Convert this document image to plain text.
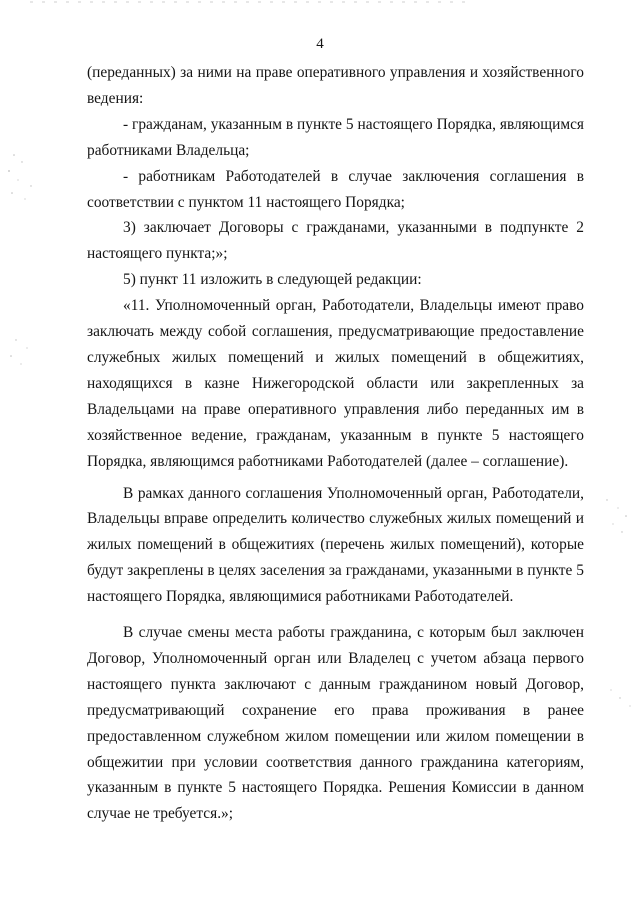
4

(переданных) за ними на праве оперативного управления и хозяйственного ведения:

- гражданам, указанным в пункте 5 настоящего Порядка, являющимся работниками Владельца;

- работникам Работодателей в случае заключения соглашения в соответствии с пунктом 11 настоящего Порядка;

3) заключает Договоры с гражданами, указанными в подпункте 2 настоящего пункта;»;

5) пункт 11 изложить в следующей редакции:

«11. Уполномоченный орган, Работодатели, Владельцы имеют право заключать между собой соглашения, предусматривающие предоставление служебных жилых помещений и жилых помещений в общежитиях, находящихся в казне Нижегородской области или закрепленных за Владельцами на праве оперативного управления либо переданных им в хозяйственное ведение, гражданам, указанным в пункте 5 настоящего Порядка, являющимся работниками Работодателей (далее – соглашение).

В рамках данного соглашения Уполномоченный орган, Работодатели, Владельцы вправе определить количество служебных жилых помещений и жилых помещений в общежитиях (перечень жилых помещений), которые будут закреплены в целях заселения за гражданами, указанными в пункте 5 настоящего Порядка, являющимися работниками Работодателей.

В случае смены места работы гражданина, с которым был заключен Договор, Уполномоченный орган или Владелец с учетом абзаца первого настоящего пункта заключают с данным гражданином новый Договор, предусматривающий сохранение его права проживания в ранее предоставленном служебном жилом помещении или жилом помещении в общежитии при условии соответствия данного гражданина категориям, указанным в пункте 5 настоящего Порядка. Решения Комиссии в данном случае не требуется.»;
